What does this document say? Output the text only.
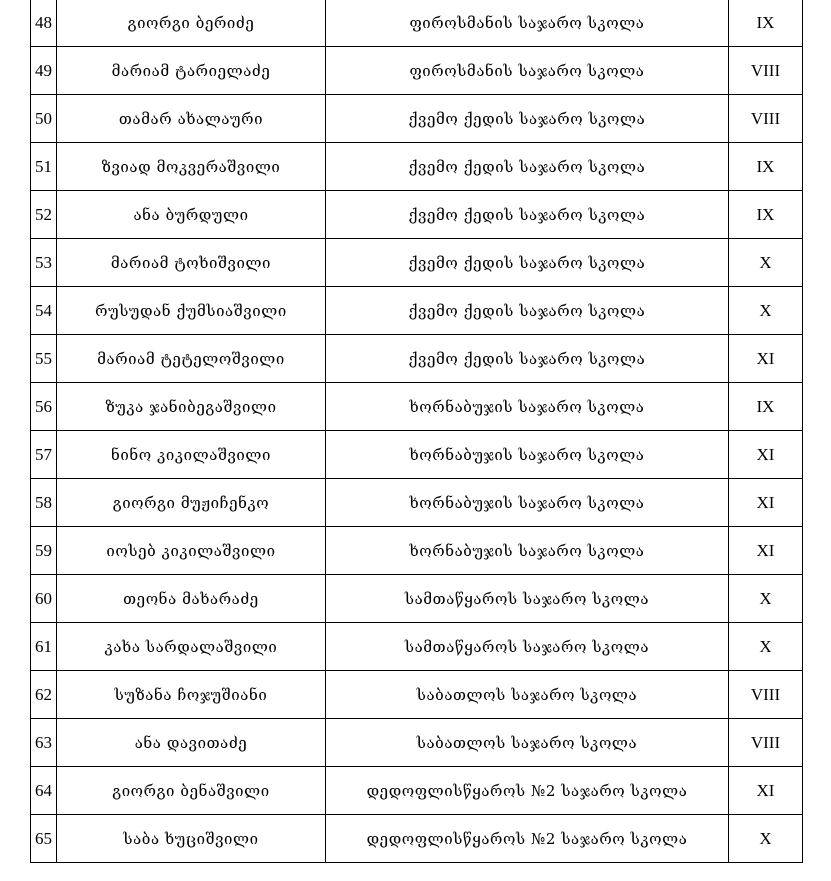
48	გიორგი ბერიძე	ფიროსმანის საჯარო სკოლა	IX
49	მარიამ ტარიელაძე	ფიროსმანის საჯარო სკოლა	VIII
50	თამარ ახალაური	ქვემო ქედის საჯარო სკოლა	VIII
51	ზვიად მოკვერაშვილი	ქვემო ქედის საჯარო სკოლა	IX
52	ანა ბურდული	ქვემო ქედის საჯარო სკოლა	IX
53	მარიამ ტოხიშვილი	ქვემო ქედის საჯარო სკოლა	X
54	რუსუდან ქუმსიაშვილი	ქვემო ქედის საჯარო სკოლა	X
55	მარიამ ტეტელოშვილი	ქვემო ქედის საჯარო სკოლა	XI
56	ზუკა ჯანიბეგაშვილი	ხორნაბუჯის საჯარო სკოლა	IX
57	ნინო კიკილაშვილი	ხორნაბუჯის საჯარო სკოლა	XI
58	გიორგი მუჟიჩენკო	ხორნაბუჯის საჯარო სკოლა	XI
59	იოსებ კიკილაშვილი	ხორნაბუჯის საჯარო სკოლა	XI
60	თეონა მახარაძე	სამთაწყაროს საჯარო სკოლა	X
61	კახა სარდალაშვილი	სამთაწყაროს საჯარო სკოლა	X
62	სუზანა ჩოჯუშიანი	საბათლოს საჯარო სკოლა	VIII
63	ანა დავითაძე	საბათლოს საჯარო სკოლა	VIII
64	გიორგი ბენაშვილი	დედოფლისწყაროს №2 საჯარო სკოლა	XI
65	საბა ხუციშვილი	დედოფლისწყაროს №2 საჯარო სკოლა	X
